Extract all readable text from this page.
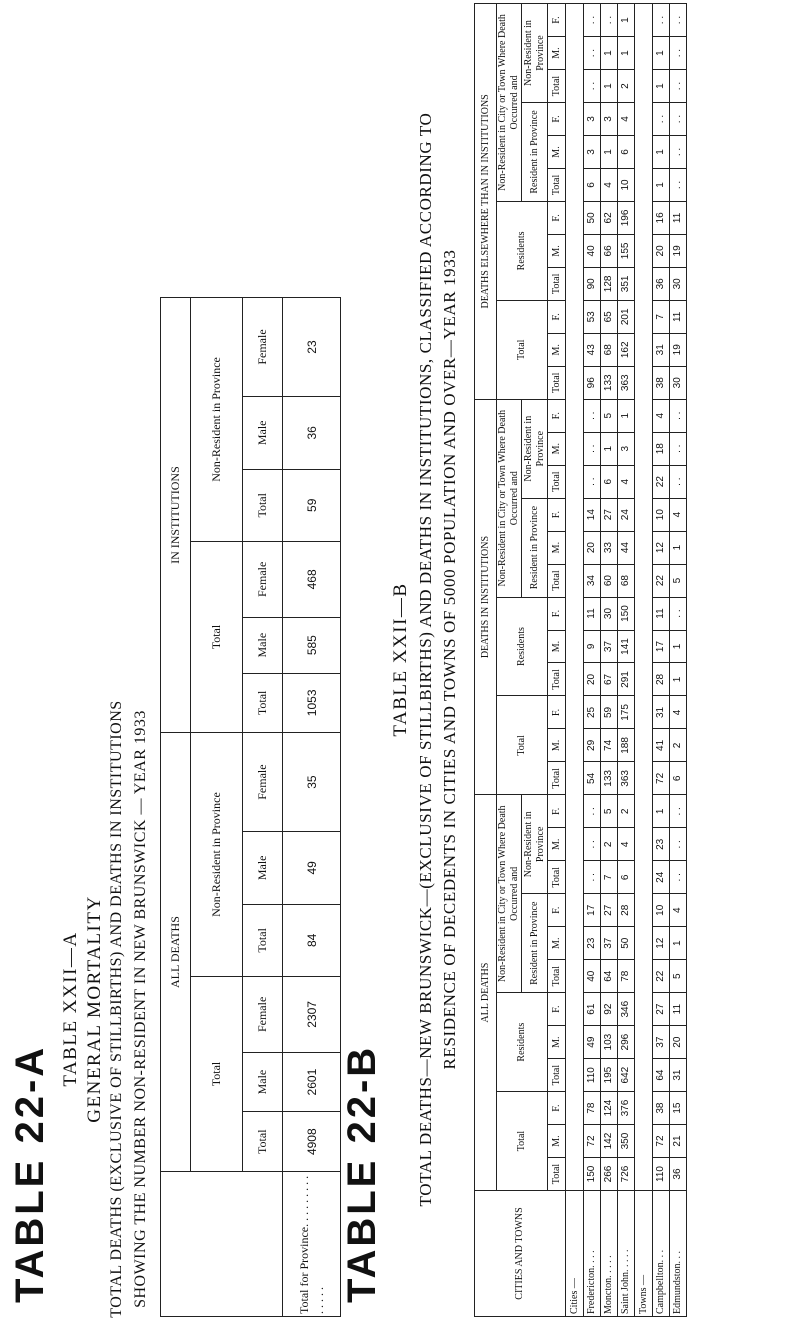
TABLE 22-A
TABLE XXII—A GENERAL MORTALITY TOTAL DEATHS (EXCLUSIVE OF STILLBIRTHS) AND DEATHS IN INSTITUTIONS SHOWING THE NUMBER NON-RESIDENT IN NEW BRUNSWICK — YEAR 1933
	ALL DEATHS						IN INSTITUTIONS					
	Total			Non-Resident in Province			Total			Non-Resident in Province		
	Total	Male	Female	Total	Male	Female	Total	Male	Female	Total	Male	Female
Total for Province. . . . . . . . . . . . . .	4908	2601	2307	84	49	35	1053	585	468	59	36	23
TABLE 22-B
TABLE XXII—B TOTAL DEATHS—NEW BRUNSWICK—(EXCLUSIVE OF STILLBIRTHS) AND DEATHS IN INSTITUTIONS, CLASSIFIED ACCORDING TO RESIDENCE OF DECEDENTS IN CITIES AND TOWNS OF 5000 POPULATION AND OVER—YEAR 1933
CITIES AND TOWNS	ALL DEATHS												DEATHS IN INSTITUTIONS												DEATHS ELSEWHERE THAN IN INSTITUTIONS											
	Total			Residents			Non-Resident in City or Town Where Death Occurred and						Total			Residents			Non-Resident in City or Town Where Death Occurred and						Total			Residents			Non-Resident in City or Town Where Death Occurred and					
							Resident in Province			Non-Resident in Province									Resident in Province			Non-Resident in Province									Resident in Province			Non-Resident in Province		
	Total	M.	F.	Total	M.	F.	Total	M.	F.	Total	M.	F.	Total	M.	F.	Total	M.	F.	Total	M.	F.	Total	M.	F.	Total	M.	F.	Total	M.	F.	Total	M.	F.	Total	M.	F.
Cities —																																				
Fredericton. . . .	150	72	78	110	49	61	40	23	17	. .	. .	. .	54	29	25	20	9	11	34	20	14	. .	. .	. .	96	43	53	90	40	50	6	3	3	. .	. .	. .
Moncton. . . . .	266	142	124	195	103	92	64	37	27	7	2	5	133	74	59	67	37	30	60	33	27	6	1	5	133	68	65	128	66	62	4	1	3	1	1	. .
Saint John. . . . .	726	350	376	642	296	346	78	50	28	6	4	2	363	188	175	291	141	150	68	44	24	4	3	1	363	162	201	351	155	196	10	6	4	2	1	1
Towns —																																				
Campbellton. . .	110	72	38	64	37	27	22	12	10	24	23	1	72	41	31	28	17	11	22	12	10	22	18	4	38	31	7	36	20	16	1	1	. .	1	1	. .
Edmundston. . .	36	21	15	31	20	11	5	1	4	. .	. .	. .	6	2	4	1	1	. .	5	1	4	. .	. .	. .	30	19	11	30	19	11	. .	. .	. .	. .	. .	. .
